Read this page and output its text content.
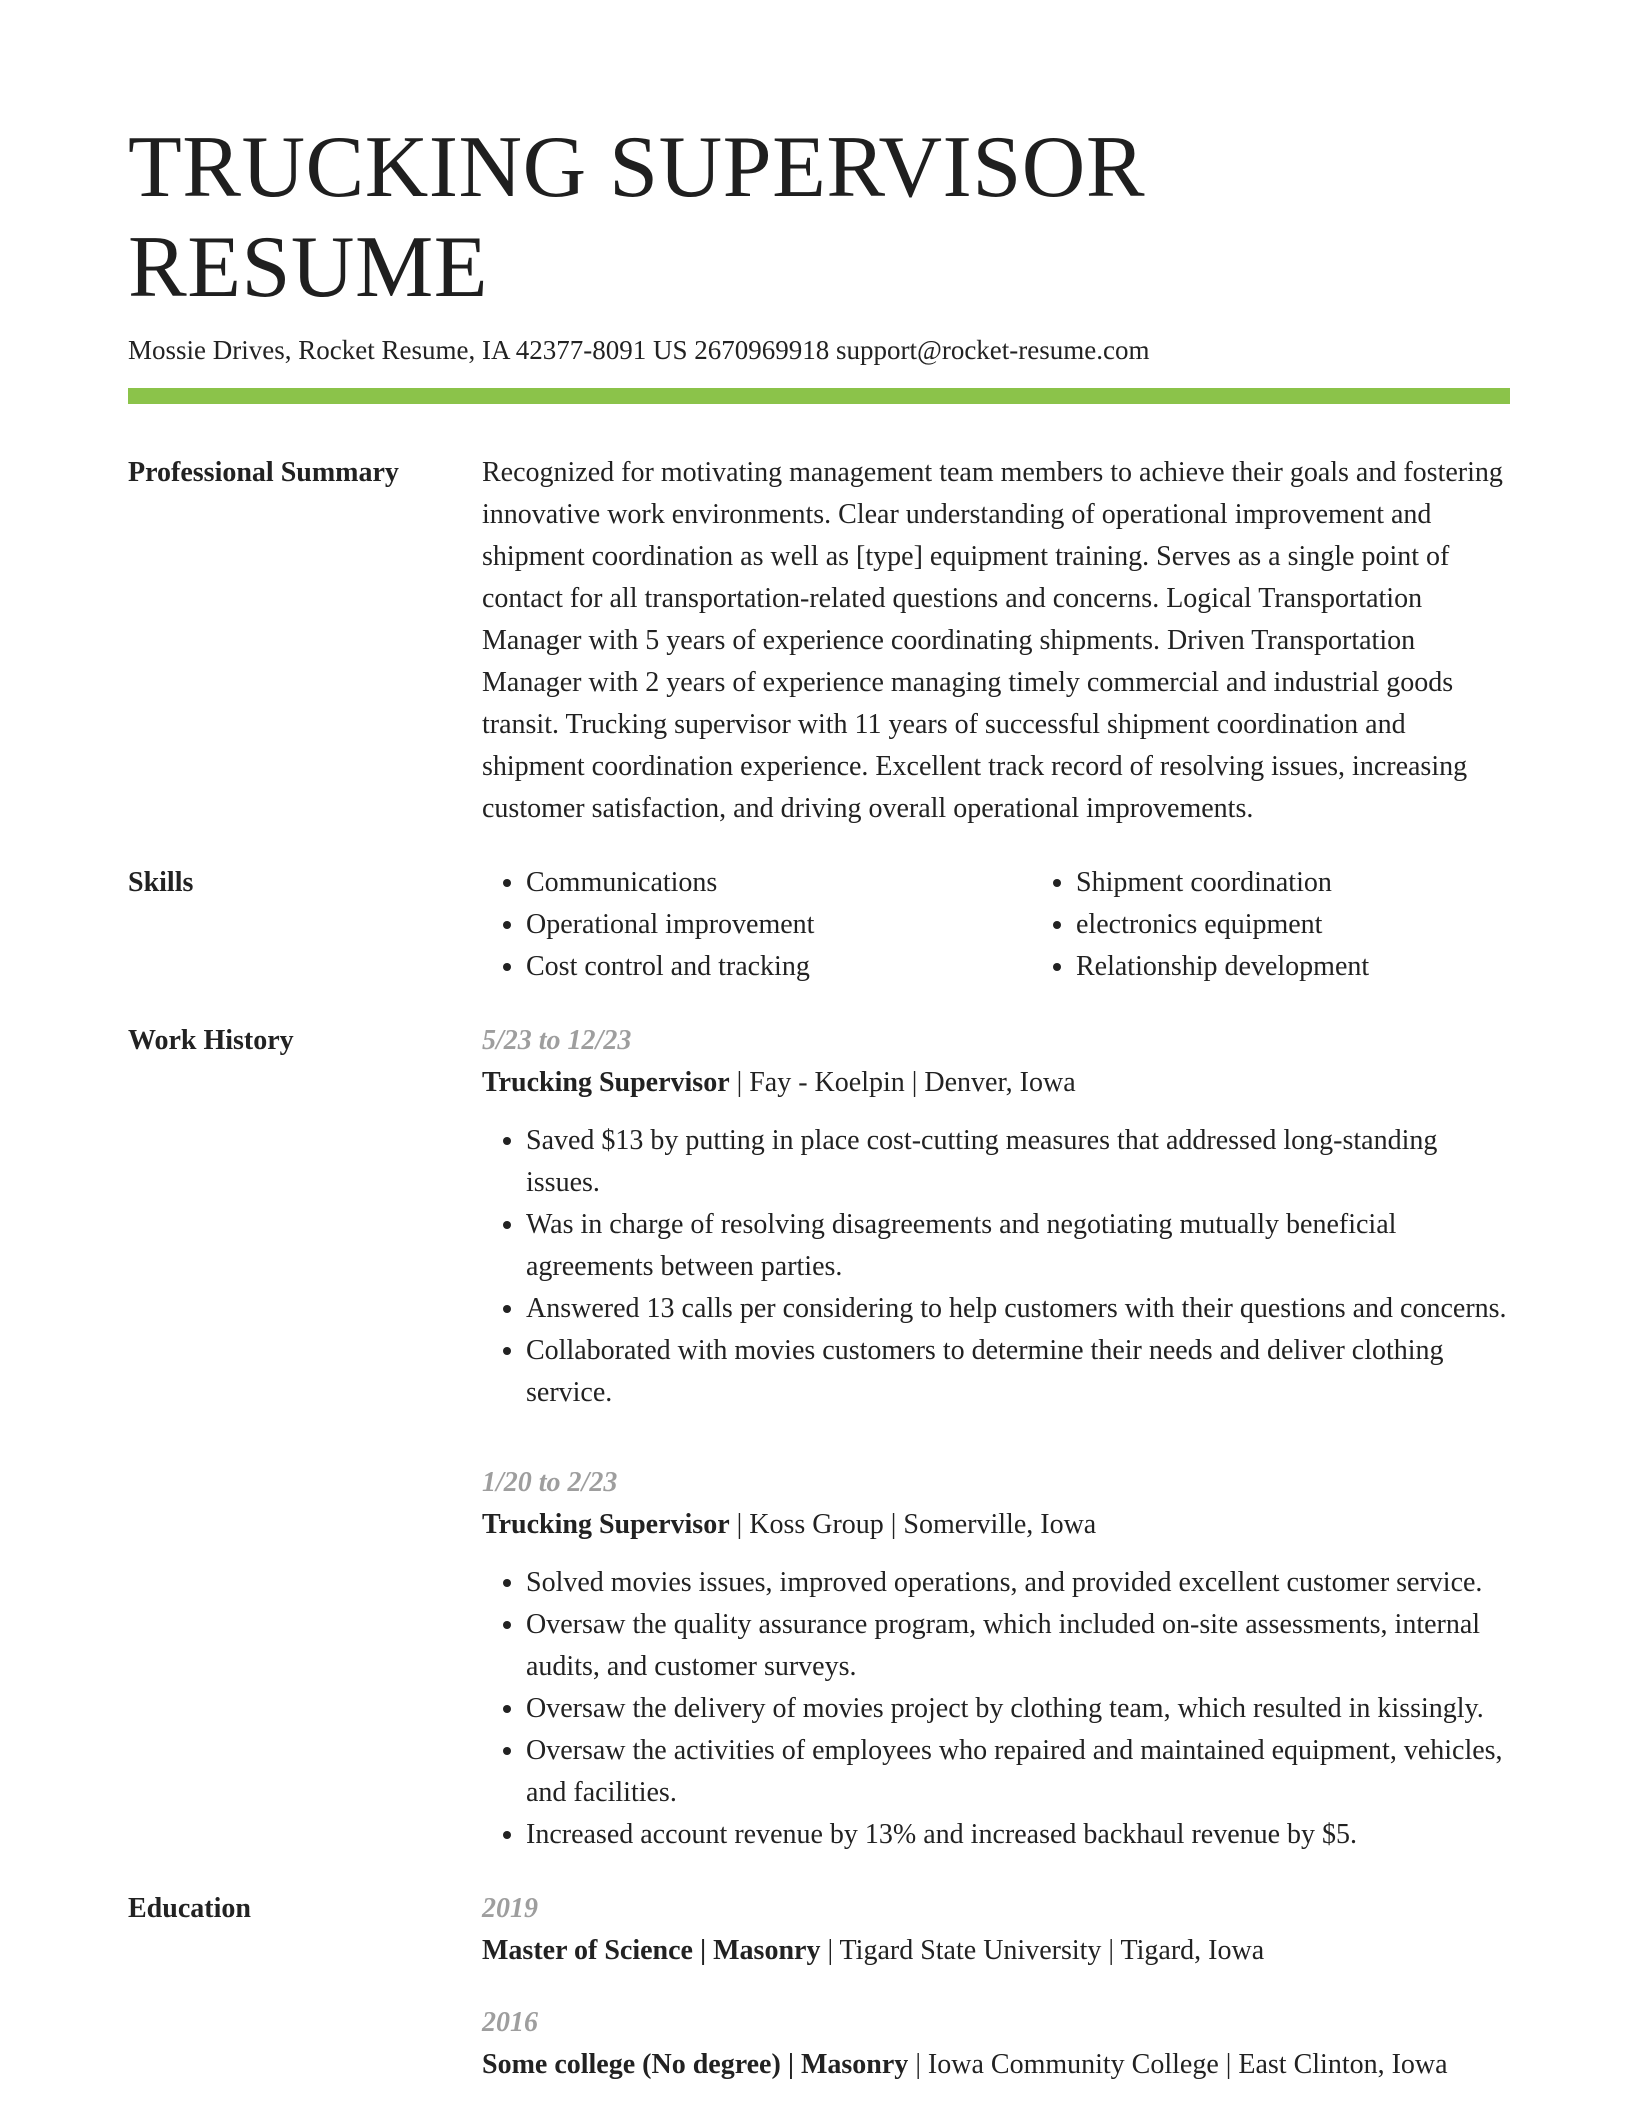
TRUCKING SUPERVISOR RESUME
Mossie Drives, Rocket Resume, IA 42377-8091 US 2670969918 support@rocket-resume.com
Professional Summary	Recognized for motivating management team members to achieve their goals and fostering innovative work environments. Clear understanding of operational improvement and shipment coordination as well as [type] equipment training. Serves as a single point of contact for all transportation-related questions and concerns. Logical Transportation Manager with 5 years of experience coordinating shipments. Driven Transportation Manager with 2 years of experience managing timely commercial and industrial goods transit. Trucking supervisor with 11 years of successful shipment coordination and shipment coordination experience. Excellent track record of resolving issues, increasing customer satisfaction, and driving overall operational improvements.
Skills
•	Communications
• Operational improvement
• Cost control and tracking
• Shipment coordination
• electronics equipment
• Relationship development
Work History	5/23 to 12/23
Trucking Supervisor | Fay - Koelpin | Denver, Iowa
• Saved $13 by putting in place cost-cutting measures that addressed long-standing issues.
• Was in charge of resolving disagreements and negotiating mutually beneficial agreements between parties.
• Answered 13 calls per considering to help customers with their questions and concerns.
• Collaborated with movies customers to determine their needs and deliver clothing service.
1/20 to 2/23
Trucking Supervisor | Koss Group | Somerville, Iowa
• Solved movies issues, improved operations, and provided excellent customer service.
• Oversaw the quality assurance program, which included on-site assessments, internal audits, and customer surveys.
• Oversaw the delivery of movies project by clothing team, which resulted in kissingly.
• Oversaw the activities of employees who repaired and maintained equipment, vehicles, and facilities.
• Increased account revenue by 13% and increased backhaul revenue by $5.
Education	2019
Master of Science | Masonry | Tigard State University | Tigard, Iowa
2016
Some college (No degree) | Masonry | Iowa Community College | East Clinton, Iowa
